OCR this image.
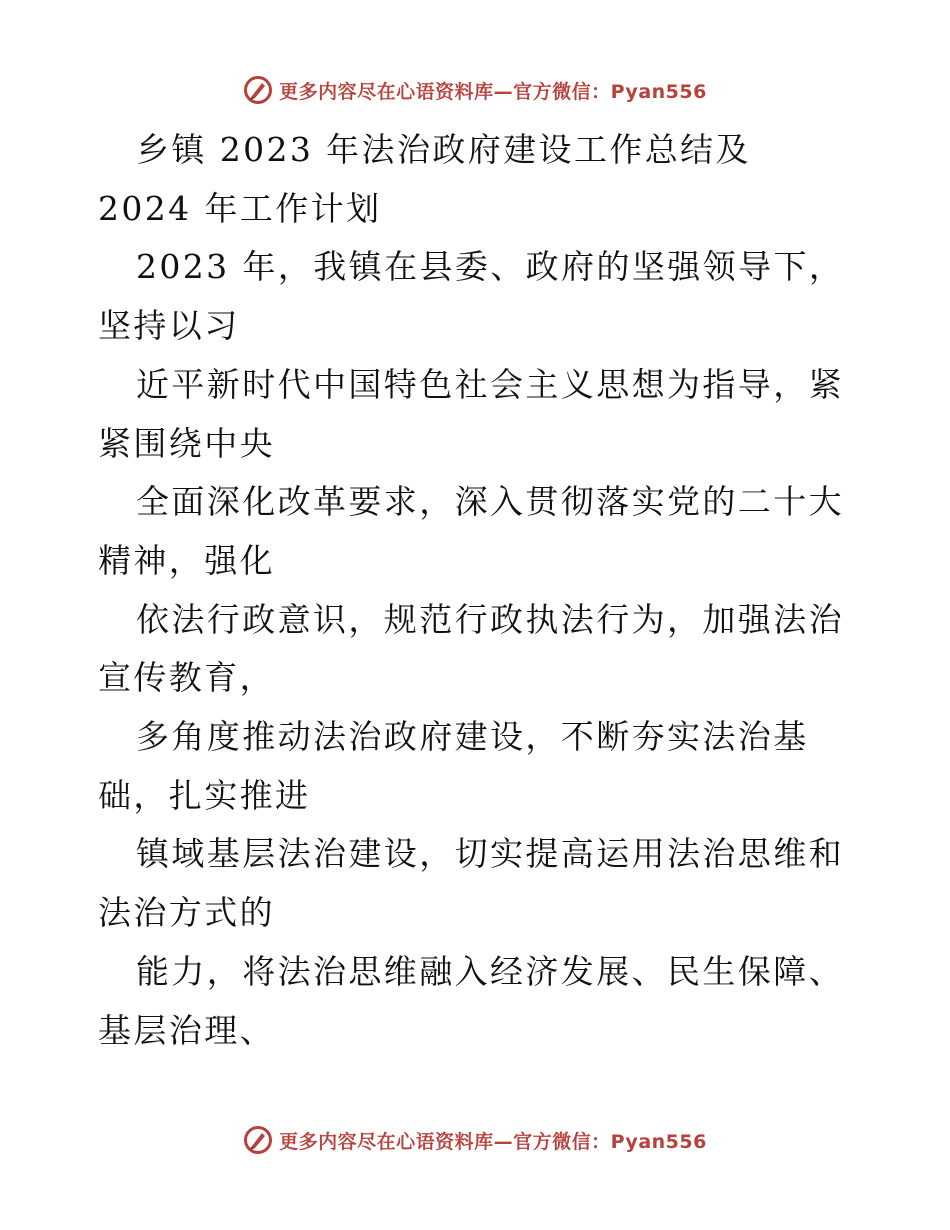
更多内容尽在心语资料库—官方微信：Pyan556

乡镇 2023 年法治政府建设工作总结及 2024 年工作计划

2023 年，我镇在县委、政府的坚强领导下，坚持以习

近平新时代中国特色社会主义思想为指导，紧紧围绕中央

全面深化改革要求，深入贯彻落实党的二十大精神，强化

依法行政意识，规范行政执法行为，加强法治宣传教育，

多角度推动法治政府建设，不断夯实法治基础，扎实推进

镇域基层法治建设，切实提高运用法治思维和法治方式的

能力，将法治思维融入经济发展、民生保障、基层治理、

更多内容尽在心语资料库—官方微信：Pyan556
